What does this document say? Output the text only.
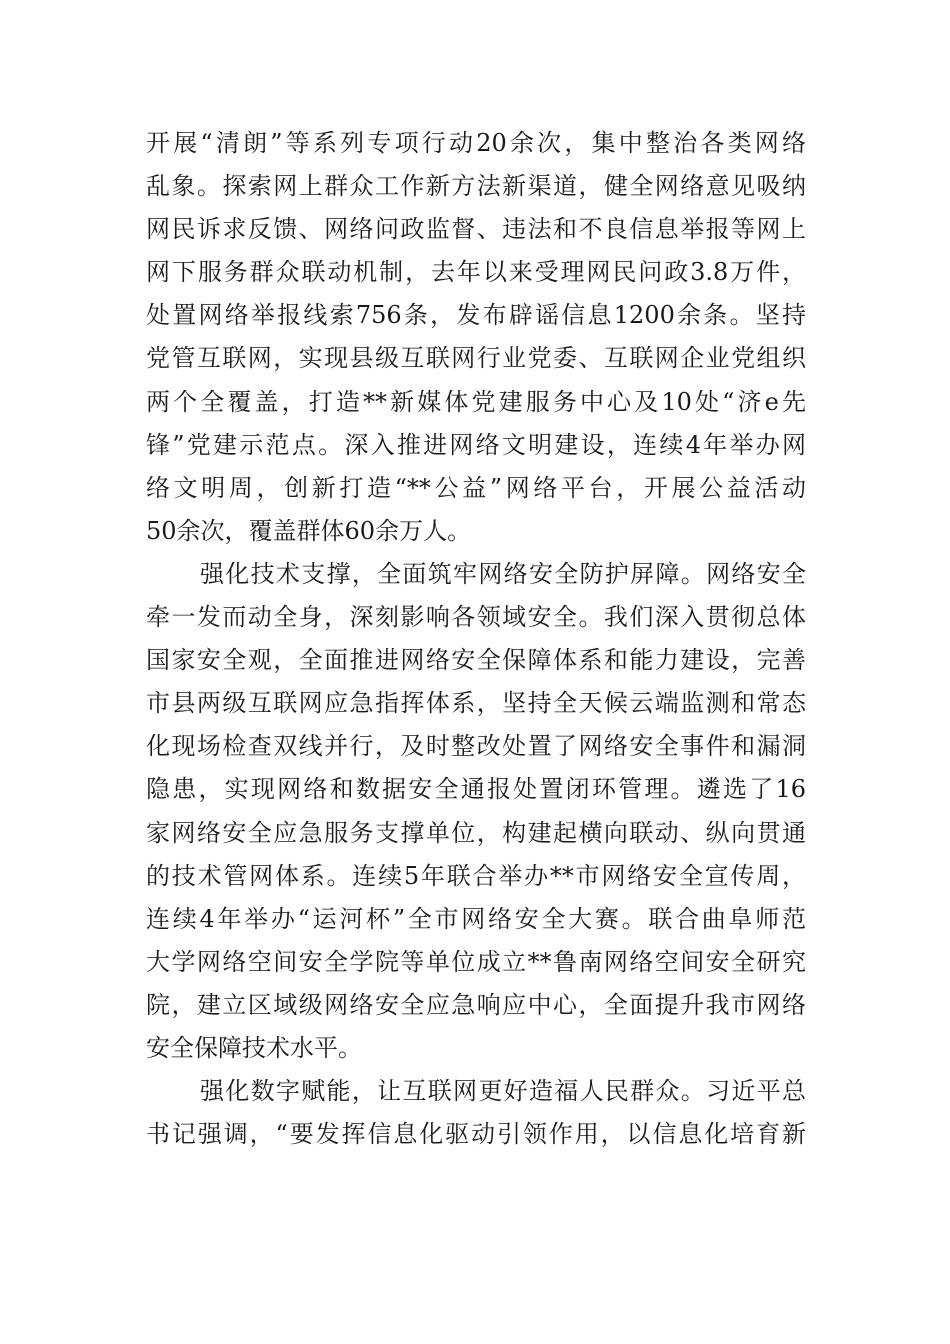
开展“清朗”等系列专项行动20余次，集中整治各类网络
乱象。探索网上群众工作新方法新渠道，健全网络意见吸纳
网民诉求反馈、网络问政监督、违法和不良信息举报等网上
网下服务群众联动机制，去年以来受理网民问政3.8万件，
处置网络举报线索756条，发布辟谣信息1200余条。坚持
党管互联网，实现县级互联网行业党委、互联网企业党组织
两个全覆盖，打造**新媒体党建服务中心及10处“济e先
锋”党建示范点。深入推进网络文明建设，连续4年举办网
络文明周，创新打造“**公益”网络平台，开展公益活动
50余次，覆盖群体60余万人。
强化技术支撑，全面筑牢网络安全防护屏障。网络安全
牵一发而动全身，深刻影响各领域安全。我们深入贯彻总体
国家安全观，全面推进网络安全保障体系和能力建设，完善
市县两级互联网应急指挥体系，坚持全天候云端监测和常态
化现场检查双线并行，及时整改处置了网络安全事件和漏洞
隐患，实现网络和数据安全通报处置闭环管理。遴选了16
家网络安全应急服务支撑单位，构建起横向联动、纵向贯通
的技术管网体系。连续5年联合举办**市网络安全宣传周，
连续4年举办“运河杯”全市网络安全大赛。联合曲阜师范
大学网络空间安全学院等单位成立**鲁南网络空间安全研究
院，建立区域级网络安全应急响应中心，全面提升我市网络
安全保障技术水平。
强化数字赋能，让互联网更好造福人民群众。习近平总
书记强调，“要发挥信息化驱动引领作用，以信息化培育新
